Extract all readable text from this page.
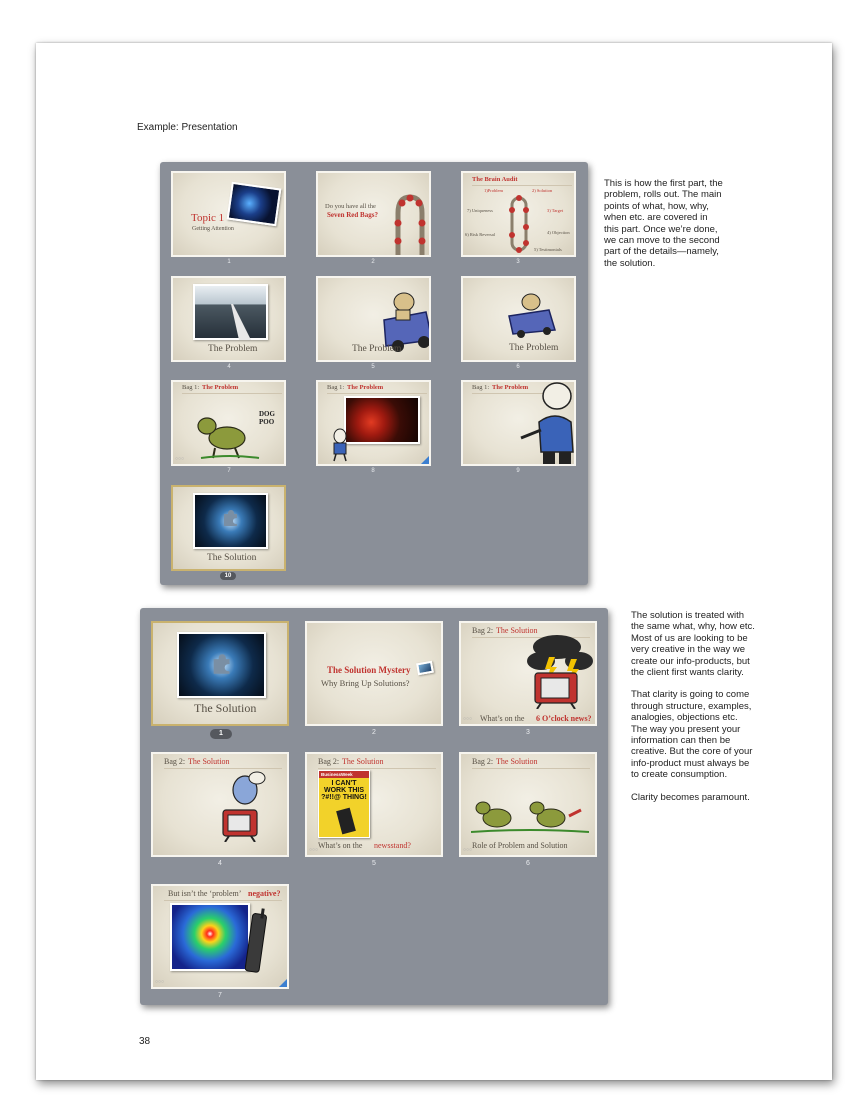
Example: Presentation
Topic 1
Getting Attention
1
Do you have all the
Seven Red Bags?
2
The Brain Audit
1)Problem	2) Solution
7) Uniqueness	3) Target
6) Risk Reversal	4) Objection
5) Testimonials
3
The Problem
4
The Problem
5
The Problem
6
Bag 1: The Problem
DOG POO
○○○
7
Bag 1: The Problem
8
Bag 1: The Problem
9
The Solution
10
This is how the first part, the
problem, rolls out. The main
points of what, how, why,
when etc. are covered in
this part. Once we’re done,
we can move to the second
part of the details—namely,
the solution.
The Solution
1
The Solution Mystery
Why Bring Up Solutions?
2
Bag 2: The Solution
What’s on the 6 O’clock news?
○○○
3
Bag 2: The Solution
4
Bag 2: The Solution
BusinessWeek
I CAN'T WORK THIS ?#!!@ THING!
What’s on the newsstand?
○○○
5
Bag 2: The Solution
Role of Problem and Solution
○○○
6
But isn’t the ‘problem’ negative?
○○○
7

The solution is treated with
the same what, why, how etc.
Most of us are looking to be
very creative in the way we
create our info-products, but
the client first wants clarity.

That clarity is going to come
through structure, examples,
analogies, objections etc.
The way you present your
information can then be
creative. But the core of your
info-product must always be
to create consumption.

Clarity becomes paramount.

38
